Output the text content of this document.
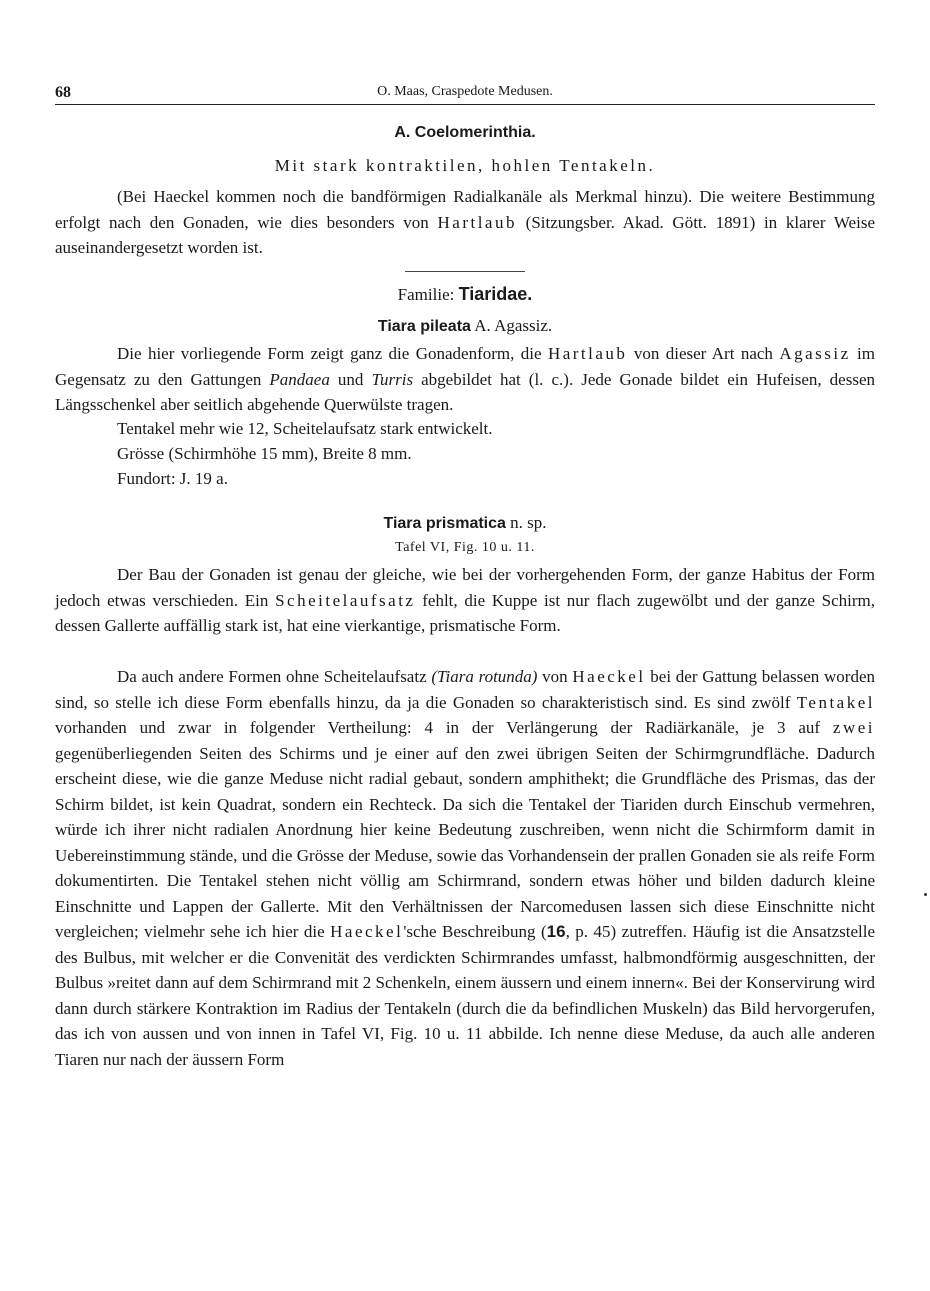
68	O. Maas, Craspedote Medusen.
A. Coelomerinthia.
Mit stark kontraktilen, hohlen Tentakeln.

(Bei Haeckel kommen noch die bandförmigen Radialkanäle als Merkmal hinzu). Die weitere Bestimmung erfolgt nach den Gonaden, wie dies besonders von Hartlaub (Sitzungsber. Akad. Gött. 1891) in klarer Weise auseinandergesetzt worden ist.

Familie: Tiaridae.
Tiara pileata A. Agassiz.

Die hier vorliegende Form zeigt ganz die Gonadenform, die Hartlaub von dieser Art nach Agassiz im Gegensatz zu den Gattungen Pandaea und Turris abgebildet hat (l. c.). Jede Gonade bildet ein Hufeisen, dessen Längsschenkel aber seitlich abgehende Querwülste tragen.

Tentakel mehr wie 12, Scheitelaufsatz stark entwickelt.
Grösse (Schirmhöhe 15 mm), Breite 8 mm.
Fundort: J. 19 a.
Tiara prismatica n. sp.
Tafel VI, Fig. 10 u. 11.

Der Bau der Gonaden ist genau der gleiche, wie bei der vorhergehenden Form, der ganze Habitus der Form jedoch etwas verschieden. Ein Scheitelaufsatz fehlt, die Kuppe ist nur flach zugewölbt und der ganze Schirm, dessen Gallerte auffällig stark ist, hat eine vierkantige, prismatische Form.

Da auch andere Formen ohne Scheitelaufsatz (Tiara rotunda) von Haeckel bei der Gattung belassen worden sind, so stelle ich diese Form ebenfalls hinzu, da ja die Gonaden so charakteristisch sind. Es sind zwölf Tentakel vorhanden und zwar in folgender Vertheilung: 4 in der Verlängerung der Radiärkanäle, je 3 auf zwei gegenüberliegenden Seiten des Schirms und je einer auf den zwei übrigen Seiten der Schirmgrundfläche. Dadurch erscheint diese, wie die ganze Meduse nicht radial gebaut, sondern amphithekt; die Grundfläche des Prismas, das der Schirm bildet, ist kein Quadrat, sondern ein Rechteck. Da sich die Tentakel der Tiariden durch Einschub vermehren, würde ich ihrer nicht radialen Anordnung hier keine Bedeutung zuschreiben, wenn nicht die Schirmform damit in Uebereinstimmung stände, und die Grösse der Meduse, sowie das Vorhandensein der prallen Gonaden sie als reife Form dokumentirten. Die Tentakel stehen nicht völlig am Schirmrand, sondern etwas höher und bilden dadurch kleine Einschnitte und Lappen der Gallerte. Mit den Verhältnissen der Narcomedusen lassen sich diese Einschnitte nicht vergleichen; vielmehr sehe ich hier die Haeckel'sche Beschreibung (16, p. 45) zutreffen. Häufig ist die Ansatzstelle des Bulbus, mit welcher er die Convenität des verdickten Schirmrandes umfasst, halbmondförmig ausgeschnitten, der Bulbus »reitet dann auf dem Schirmrand mit 2 Schenkeln, einem äussern und einem innern«. Bei der Konservirung wird dann durch stärkere Kontraktion im Radius der Tentakeln (durch die da befindlichen Muskeln) das Bild hervorgerufen, das ich von aussen und von innen in Tafel VI, Fig. 10 u. 11 abbilde. Ich nenne diese Meduse, da auch alle anderen Tiaren nur nach der äussern Form
